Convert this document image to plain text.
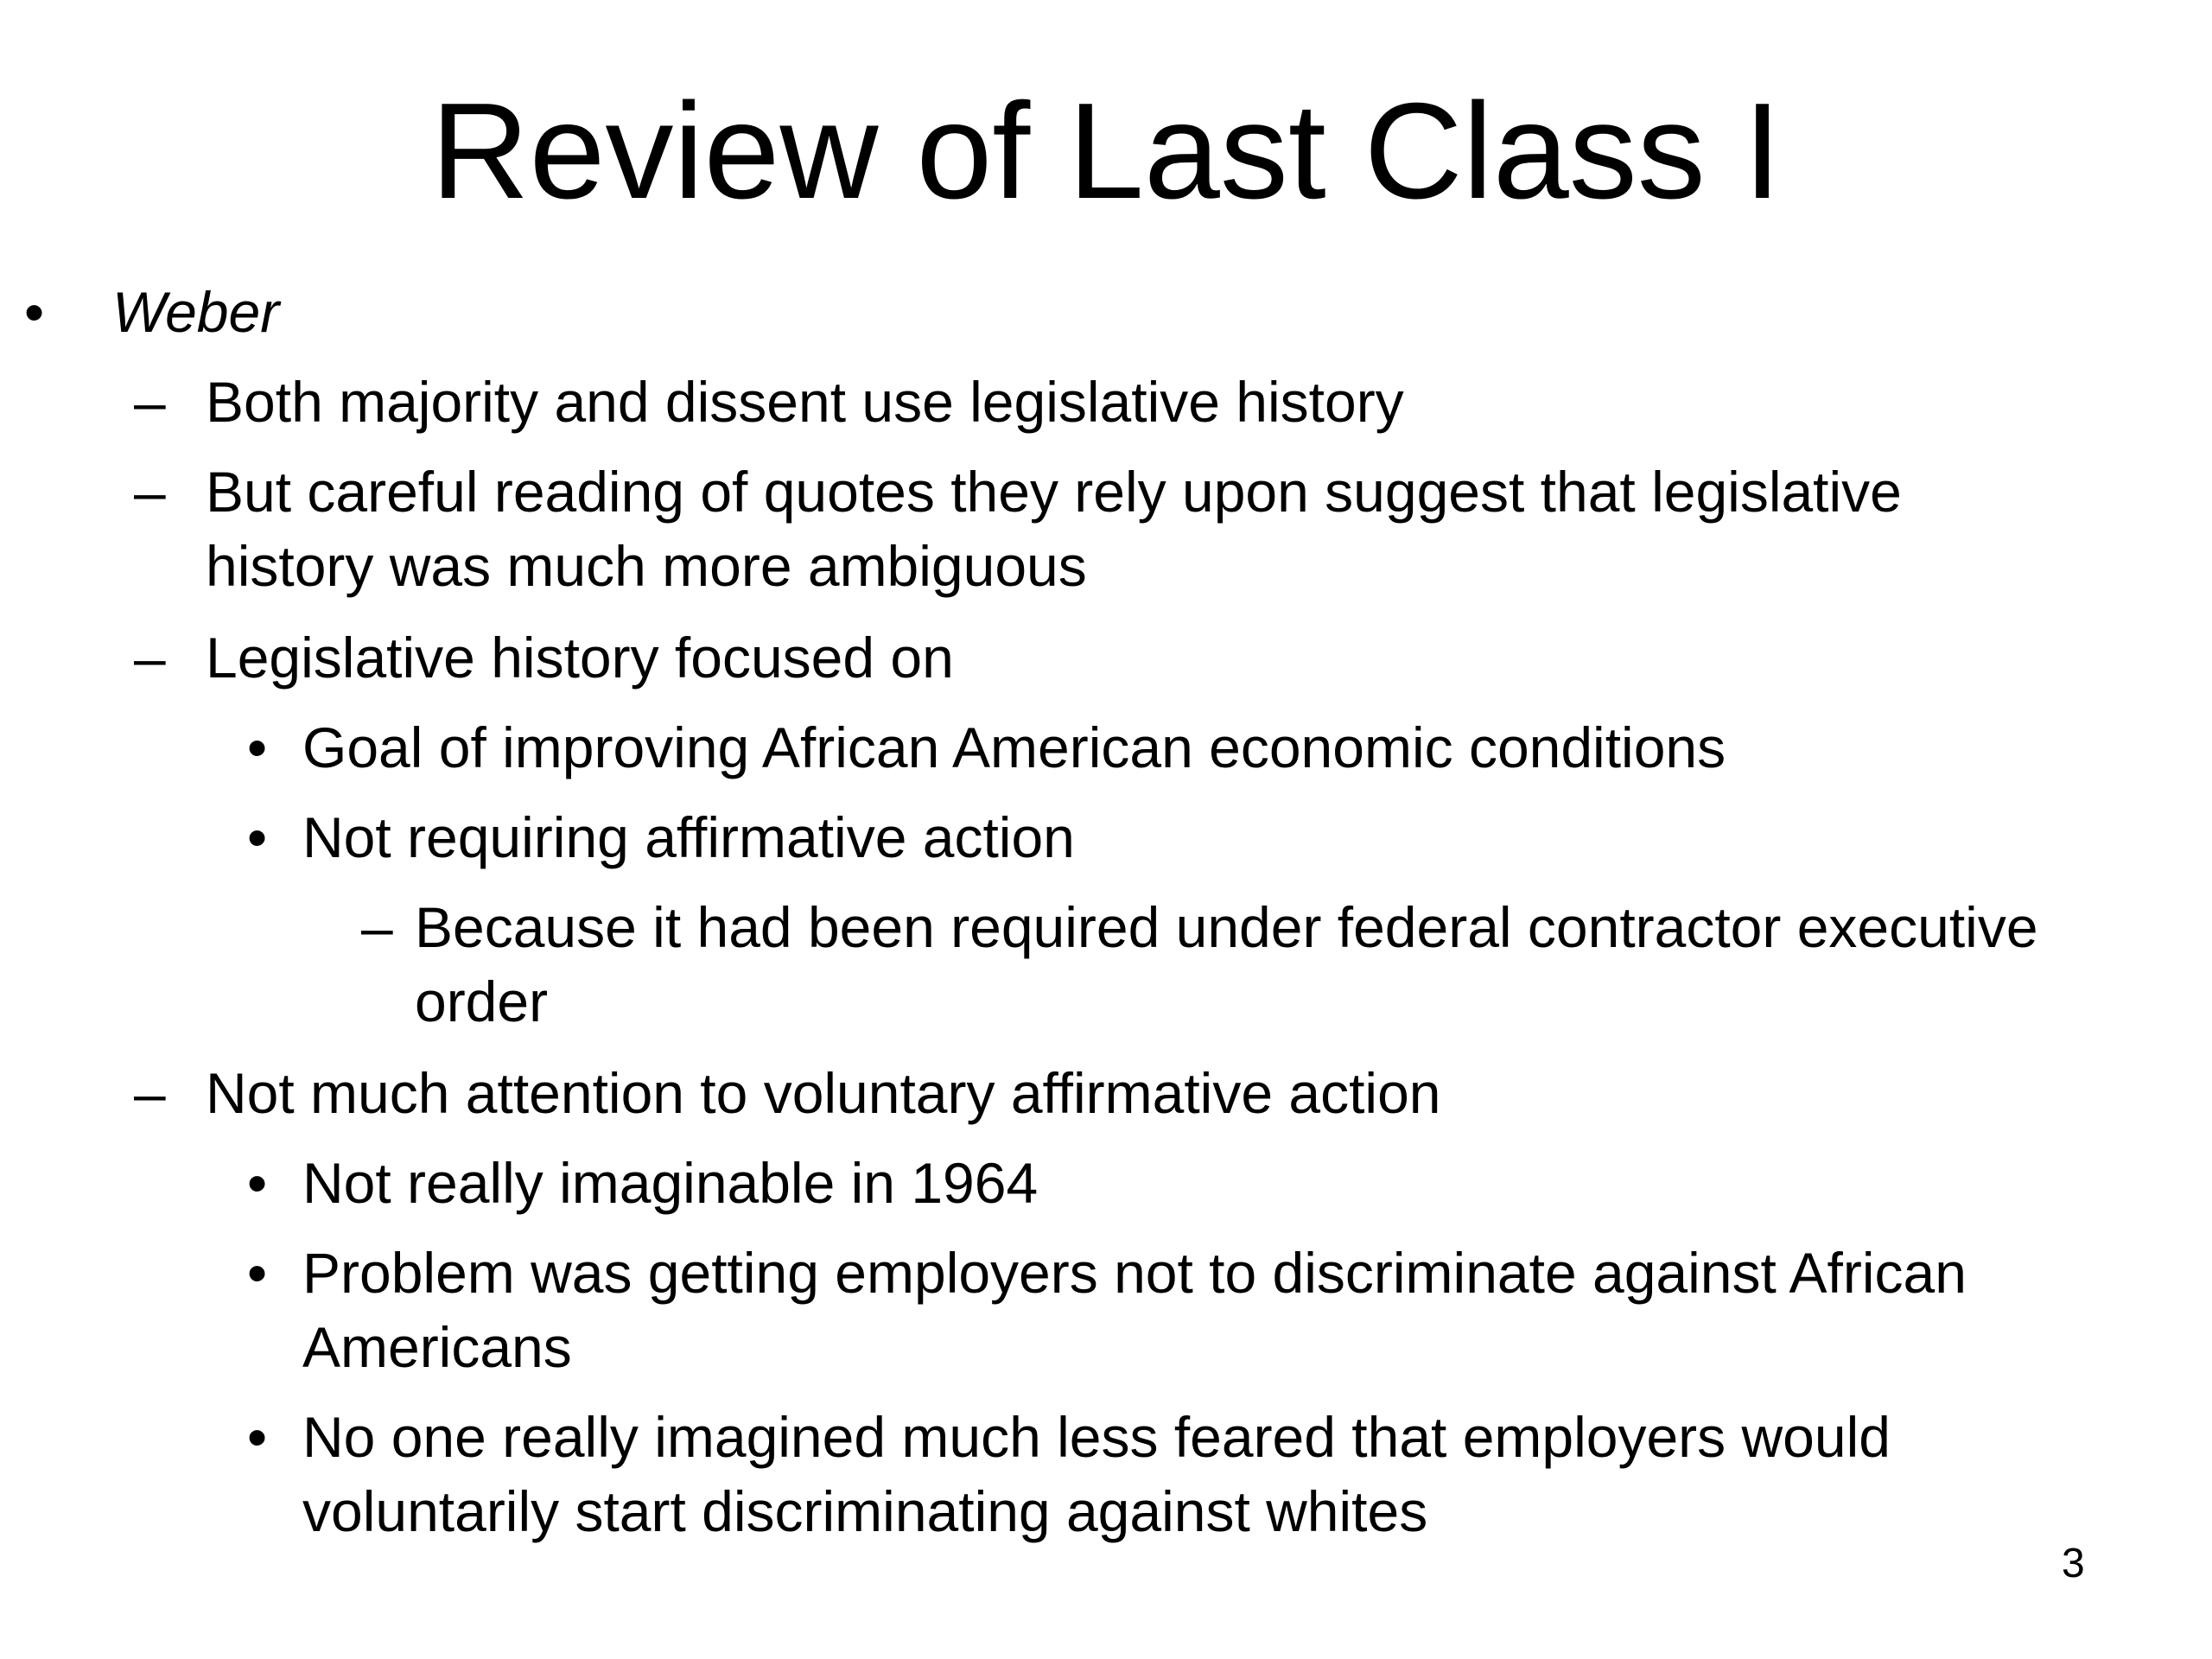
Review of Last Class I
• Weber
– Both majority and dissent use legislative history
– But careful reading of quotes they rely upon suggest that legislative
history was much more ambiguous
– Legislative history focused on
• Goal of improving African American economic conditions
• Not requiring affirmative action
– Because it had been required under federal contractor executive
order
– Not much attention to voluntary affirmative action
• Not really imaginable in 1964
• Problem was getting employers not to discriminate against African
Americans
• No one really imagined much less feared that employers would
voluntarily start discriminating against whites
3
